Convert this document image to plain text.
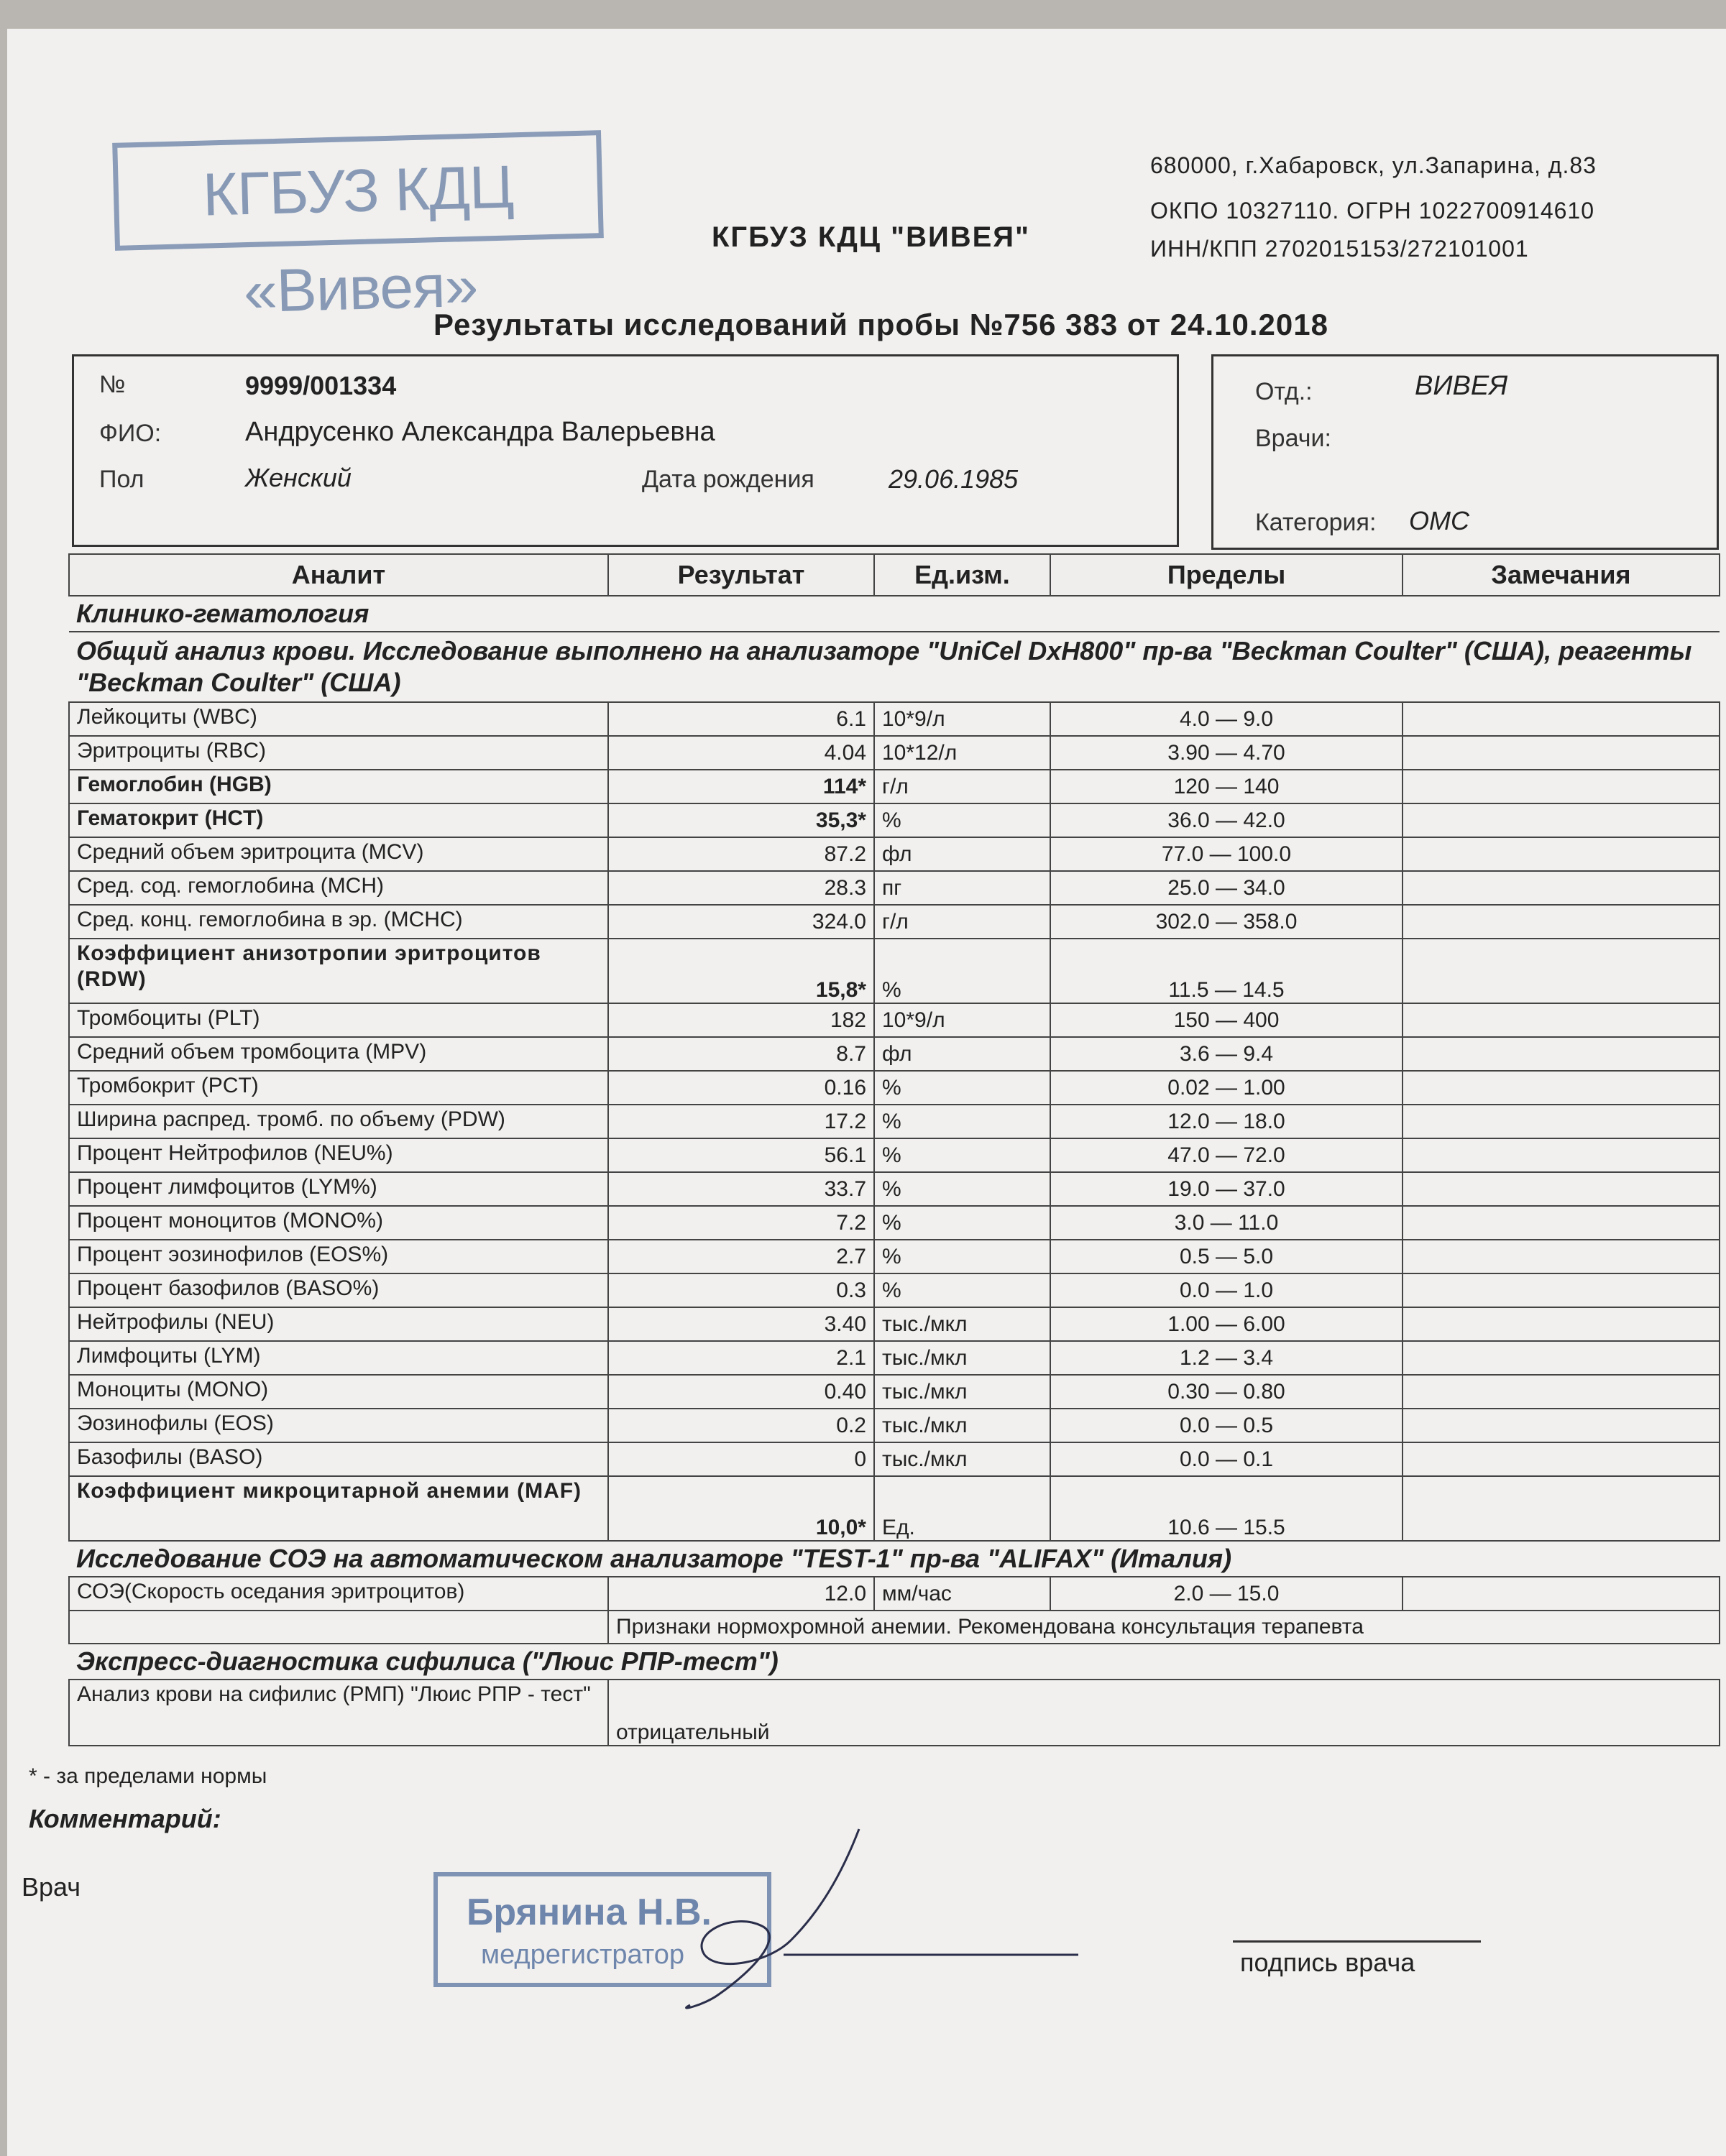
КГБУЗ КДЦ «Вивея»
КГБУЗ КДЦ "ВИВЕЯ"
680000, г.Хабаровск, ул.Запарина, д.83
ОКПО 10327110. ОГРН 1022700914610
ИНН/КПП 2702015153/272101001
Результаты исследований пробы №756 383 от 24.10.2018
№	9999/001334
ФИО:	Андрусенко Александра Валерьевна
Пол	Женский	Дата рождения	29.06.1985
Отд.:	ВИВЕЯ
Врачи:
Категория: ОМС
Аналит	Результат	Ед.изм.	Пределы	Замечания
Клинико-гематология				
Общий анализ крови. Исследование выполнено на анализаторе "UniCel DxH800" пр-ва "Beckman Coulter" (США), реагенты "Beckman Coulter" (США)				
Лейкоциты (WBC)	6.1	10*9/л	4.0 — 9.0	
Эритроциты (RBC)	4.04	10*12/л	3.90 — 4.70	
Гемоглобин (HGB)	114*	г/л	120 — 140	
Гематокрит (HCT)	35,3*	%	36.0 — 42.0	
Средний объем эритроцита (MCV)	87.2	фл	77.0 — 100.0	
Сред. сод. гемоглобина (MCH)	28.3	пг	25.0 — 34.0	
Сред. конц. гемоглобина в эр. (MCHC)	324.0	г/л	302.0 — 358.0	
Коэффициент анизотропии эритроцитов (RDW)	15,8*	%	11.5 — 14.5	
Тромбоциты (PLT)	182	10*9/л	150 — 400	
Средний объем тромбоцита (MPV)	8.7	фл	3.6 — 9.4	
Тромбокрит (PCT)	0.16	%	0.02 — 1.00	
Ширина распред. тромб. по объему (PDW)	17.2	%	12.0 — 18.0	
Процент Нейтрофилов (NEU%)	56.1	%	47.0 — 72.0	
Процент лимфоцитов (LYM%)	33.7	%	19.0 — 37.0	
Процент моноцитов (MONO%)	7.2	%	3.0 — 11.0	
Процент эозинофилов (EOS%)	2.7	%	0.5 — 5.0	
Процент базофилов (BASO%)	0.3	%	0.0 — 1.0	
Нейтрофилы (NEU)	3.40	тыс./мкл	1.00 — 6.00	
Лимфоциты (LYM)	2.1	тыс./мкл	1.2 — 3.4	
Моноциты (MONO)	0.40	тыс./мкл	0.30 — 0.80	
Эозинофилы (EOS)	0.2	тыс./мкл	0.0 — 0.5	
Базофилы (BASO)	0	тыс./мкл	0.0 — 0.1	
Коэффициент микроцитарной анемии (MAF)	10,0*	Ед.	10.6 — 15.5	
Исследование СОЭ на автоматическом анализаторе "TEST-1" пр-ва "ALIFAX" (Италия)				
СОЭ(Скорость оседания эритроцитов)	12.0	мм/час	2.0 — 15.0	
	Признаки нормохромной анемии. Рекомендована консультация терапевта			
Экспресс-диагностика сифилиса ("Люис РПР-тест")				
Анализ крови на сифилис (РМП) "Люис РПР - тест"	отрицательный			
* - за пределами нормы
Комментарий:
Врач
Брянина Н.В.
медрегистратор	подпись врача
